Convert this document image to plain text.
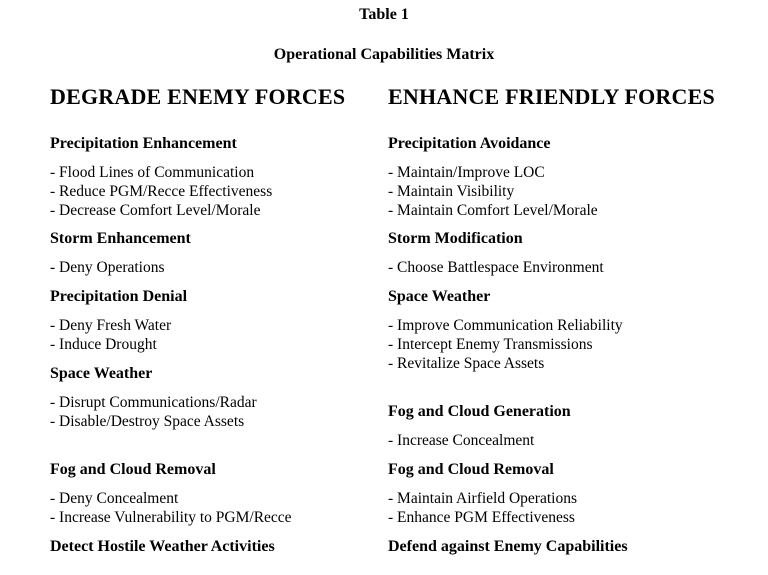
Table 1
Operational Capabilities Matrix
DEGRADE ENEMY FORCES
Precipitation Enhancement
- Flood Lines of Communication
- Reduce PGM/Recce Effectiveness
- Decrease Comfort Level/Morale
Storm Enhancement
- Deny Operations
Precipitation Denial
- Deny Fresh Water
- Induce Drought
Space Weather
- Disrupt Communications/Radar
- Disable/Destroy Space Assets
Fog and Cloud Removal
- Deny Concealment
- Increase Vulnerability to PGM/Recce
Detect Hostile Weather Activities
ENHANCE FRIENDLY FORCES
Precipitation Avoidance
- Maintain/Improve LOC
- Maintain Visibility
- Maintain Comfort Level/Morale
Storm Modification
- Choose Battlespace Environment
Space Weather
- Improve Communication Reliability
- Intercept Enemy Transmissions
- Revitalize Space Assets
Fog and Cloud Generation
- Increase Concealment
Fog and Cloud Removal
- Maintain Airfield Operations
- Enhance PGM Effectiveness
Defend against Enemy Capabilities
